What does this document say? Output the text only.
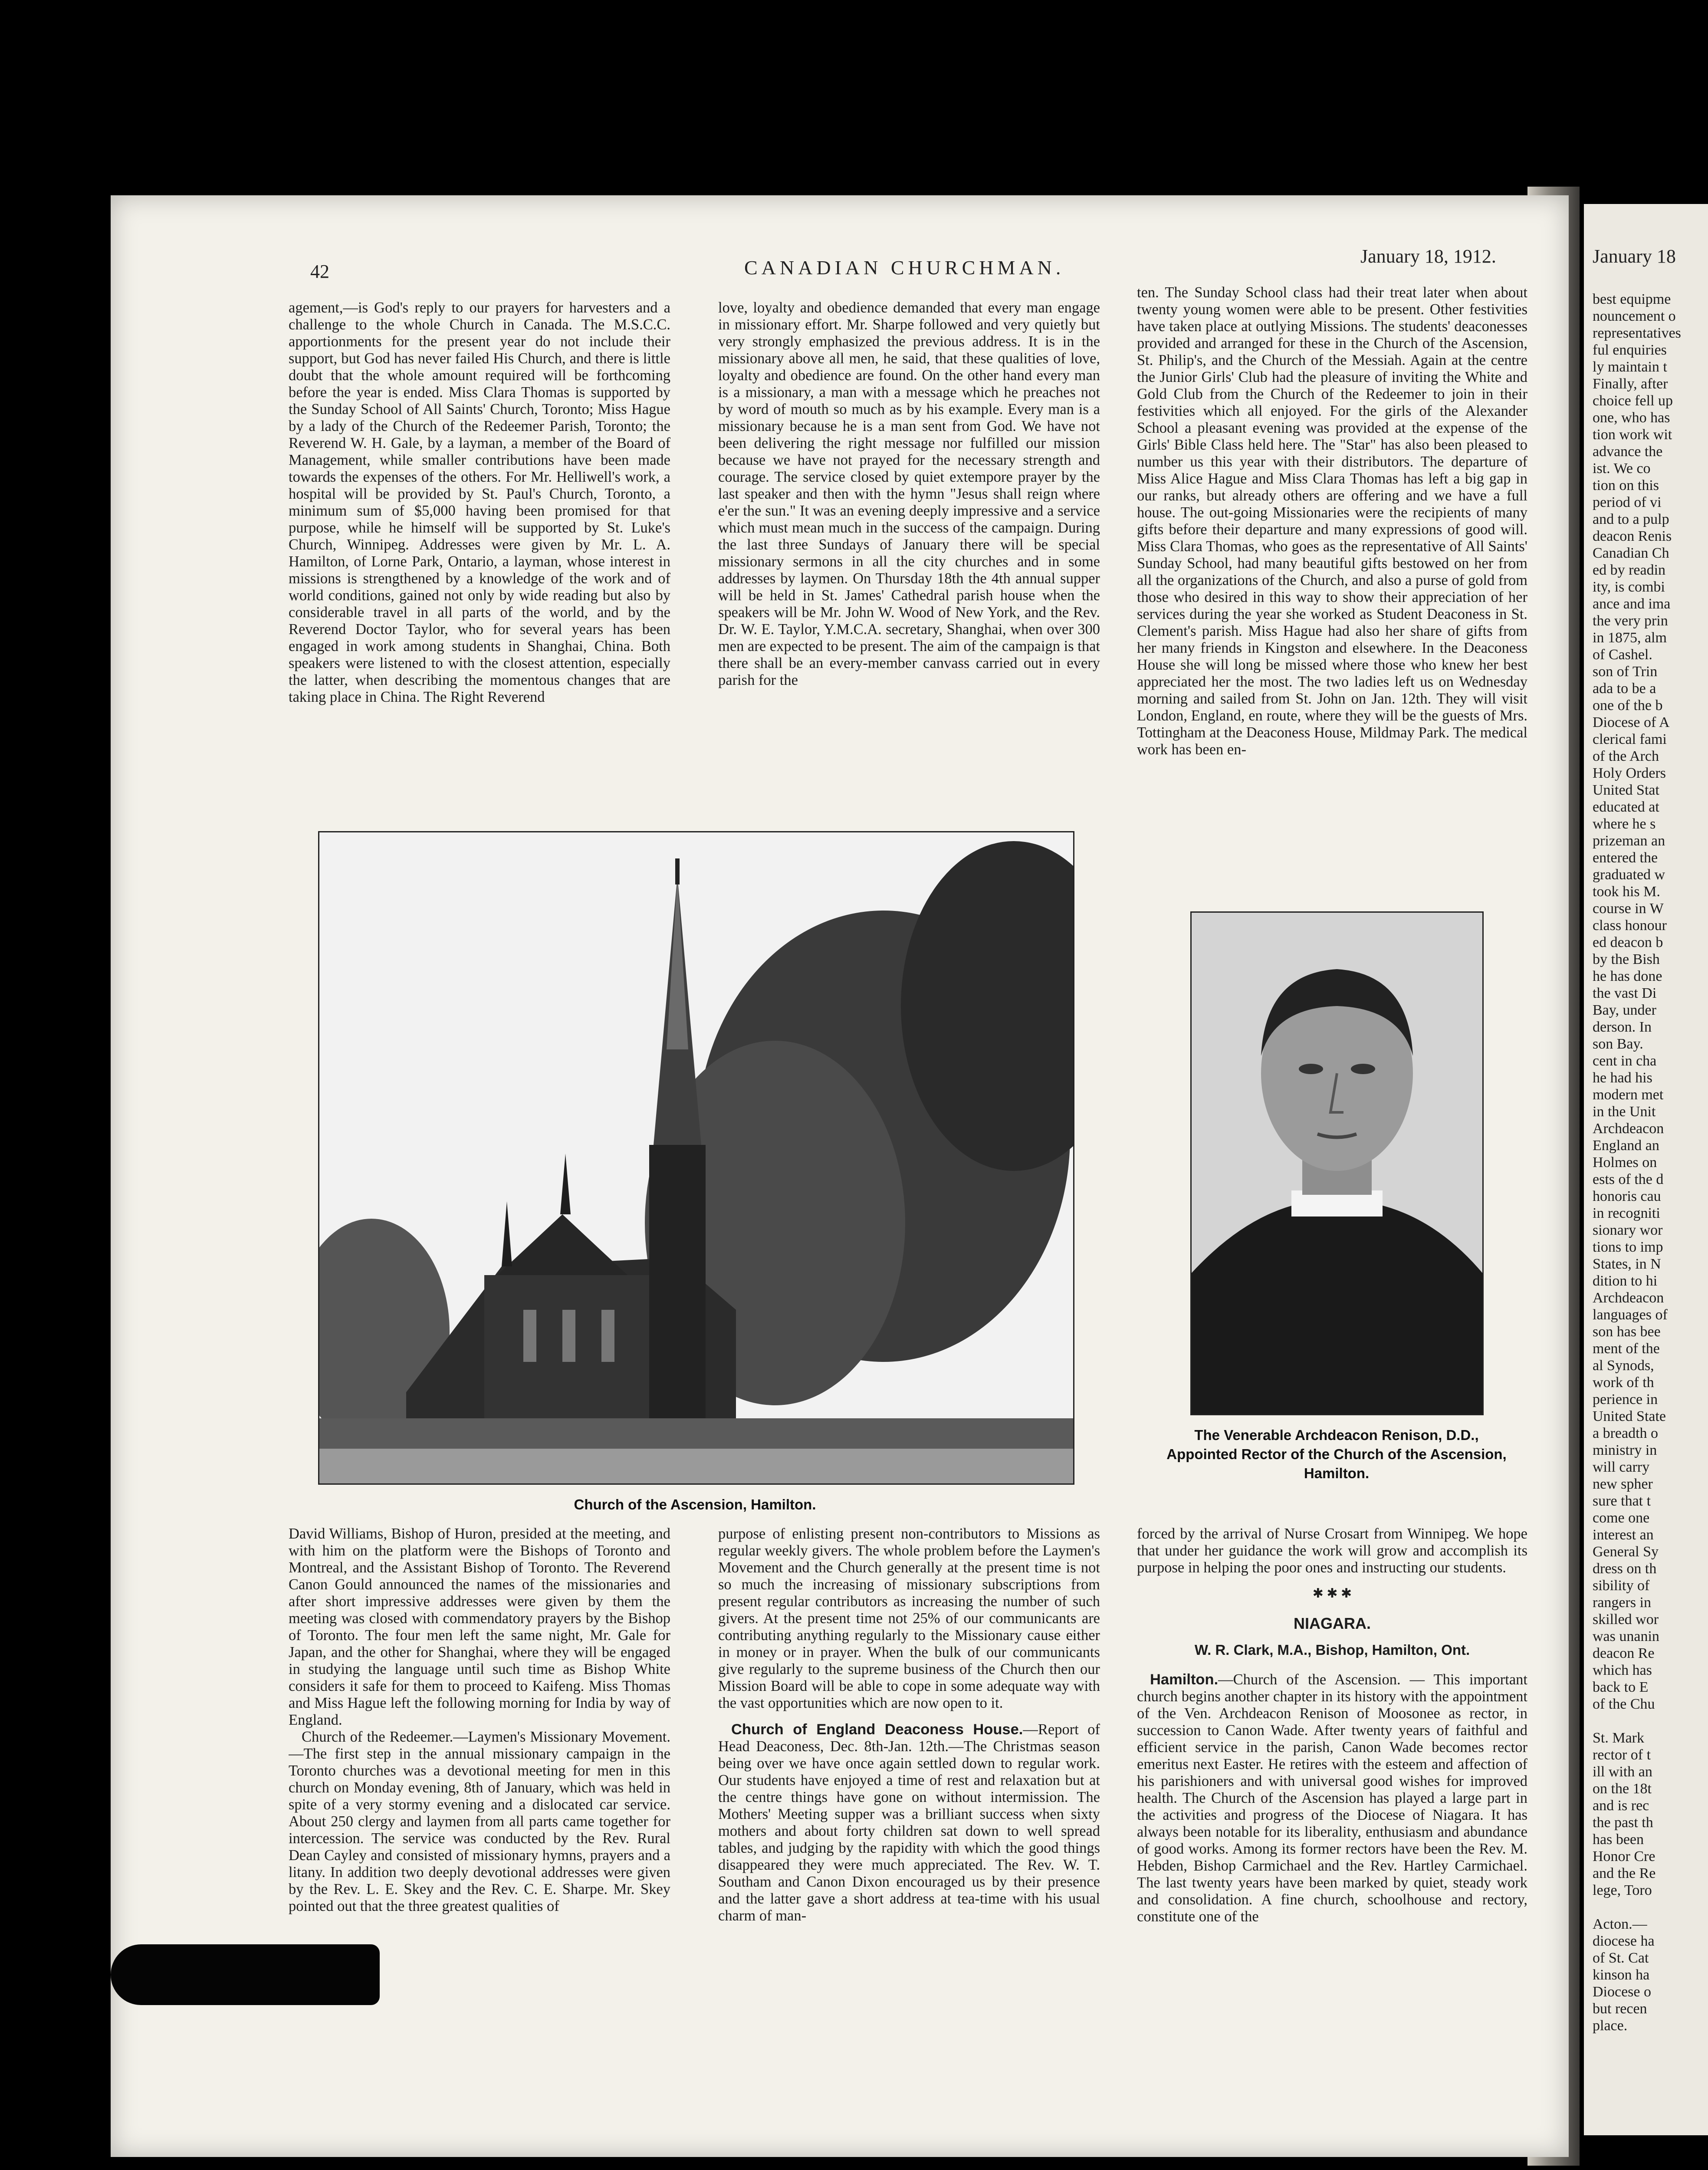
42	CANADIAN CHURCHMAN.
January 18, 1912.

agement,—is God's reply to our prayers for harvesters and a challenge to the whole Church in Canada. The M.S.C.C. apportionments for the present year do not include their support, but God has never failed His Church, and there is little doubt that the whole amount required will be forthcoming before the year is ended. Miss Clara Thomas is supported by the Sunday School of All Saints' Church, Toronto; Miss Hague by a lady of the Church of the Redeemer Parish, Toronto; the Reverend W. H. Gale, by a layman, a member of the Board of Management, while smaller contributions have been made towards the expenses of the others. For Mr. Helliwell's work, a hospital will be provided by St. Paul's Church, Toronto, a minimum sum of $5,000 having been promised for that purpose, while he himself will be supported by St. Luke's Church, Winnipeg. Addresses were given by Mr. L. A. Hamilton, of Lorne Park, Ontario, a layman, whose interest in missions is strengthened by a knowledge of the work and of world conditions, gained not only by wide reading but also by considerable travel in all parts of the world, and by the Reverend Doctor Taylor, who for several years has been engaged in work among students in Shanghai, China. Both speakers were listened to with the closest attention, especially the latter, when describing the momentous changes that are taking place in China. The Right Reverend

love, loyalty and obedience demanded that every man engage in missionary effort. Mr. Sharpe followed and very quietly but very strongly emphasized the previous address. It is in the missionary above all men, he said, that these qualities of love, loyalty and obedience are found. On the other hand every man is a missionary, a man with a message which he preaches not by word of mouth so much as by his example. Every man is a missionary because he is a man sent from God. We have not been delivering the right message nor fulfilled our mission because we have not prayed for the necessary strength and courage. The service closed by quiet extempore prayer by the last speaker and then with the hymn "Jesus shall reign where e'er the sun." It was an evening deeply impressive and a service which must mean much in the success of the campaign. During the last three Sundays of January there will be special missionary sermons in all the city churches and in some addresses by laymen. On Thursday 18th the 4th annual supper will be held in St. James' Cathedral parish house when the speakers will be Mr. John W. Wood of New York, and the Rev. Dr. W. E. Taylor, Y.M.C.A. secretary, Shanghai, when over 300 men are expected to be present. The aim of the campaign is that there shall be an every-member canvass carried out in every parish for the

ten. The Sunday School class had their treat later when about twenty young women were able to be present. Other festivities have taken place at outlying Missions. The students' deaconesses provided and arranged for these in the Church of the Ascension, St. Philip's, and the Church of the Messiah. Again at the centre the Junior Girls' Club had the pleasure of inviting the White and Gold Club from the Church of the Redeemer to join in their festivities which all enjoyed. For the girls of the Alexander School a pleasant evening was provided at the expense of the Girls' Bible Class held here. The "Star" has also been pleased to number us this year with their distributors. The departure of Miss Alice Hague and Miss Clara Thomas has left a big gap in our ranks, but already others are offering and we have a full house. The out-going Missionaries were the recipients of many gifts before their departure and many expressions of good will. Miss Clara Thomas, who goes as the representative of All Saints' Sunday School, had many beautiful gifts bestowed on her from all the organizations of the Church, and also a purse of gold from those who desired in this way to show their appreciation of her services during the year she worked as Student Deaconess in St. Clement's parish. Miss Hague had also her share of gifts from her many friends in Kingston and elsewhere. In the Deaconess House she will long be missed where those who knew her best appreciated her the most. The two ladies left us on Wednesday morning and sailed from St. John on Jan. 12th. They will visit London, England, en route, where they will be the guests of Mrs. Tottingham at the Deaconess House, Mildmay Park. The medical work has been en-

Church of the Ascension, Hamilton.
The Venerable Archdeacon Renison, D.D., Appointed Rector of the Church of the Ascension, Hamilton.

David Williams, Bishop of Huron, presided at the meeting, and with him on the platform were the Bishops of Toronto and Montreal, and the Assistant Bishop of Toronto. The Reverend Canon Gould announced the names of the missionaries and after short impressive addresses were given by them the meeting was closed with commendatory prayers by the Bishop of Toronto. The four men left the same night, Mr. Gale for Japan, and the other for Shanghai, where they will be engaged in studying the language until such time as Bishop White considers it safe for them to proceed to Kaifeng. Miss Thomas and Miss Hague left the following morning for India by way of England.

Church of the Redeemer.—Laymen's Missionary Movement.—The first step in the annual missionary campaign in the Toronto churches was a devotional meeting for men in this church on Monday evening, 8th of January, which was held in spite of a very stormy evening and a dislocated car service. About 250 clergy and laymen from all parts came together for intercession. The service was conducted by the Rev. Rural Dean Cayley and consisted of missionary hymns, prayers and a litany. In addition two deeply devotional addresses were given by the Rev. L. E. Skey and the Rev. C. E. Sharpe. Mr. Skey pointed out that the three greatest qualities of

purpose of enlisting present non-contributors to Missions as regular weekly givers. The whole problem before the Laymen's Movement and the Church generally at the present time is not so much the increasing of missionary subscriptions from present regular contributors as increasing the number of such givers. At the present time not 25% of our communicants are contributing anything regularly to the Missionary cause either in money or in prayer. When the bulk of our communicants give regularly to the supreme business of the Church then our Mission Board will be able to cope in some adequate way with the vast opportunities which are now open to it.

Church of England Deaconess House.—Report of Head Deaconess, Dec. 8th-Jan. 12th.—The Christmas season being over we have once again settled down to regular work. Our students have enjoyed a time of rest and relaxation but at the centre things have gone on without intermission. The Mothers' Meeting supper was a brilliant success when sixty mothers and about forty children sat down to well spread tables, and judging by the rapidity with which the good things disappeared they were much appreciated. The Rev. W. T. Southam and Canon Dixon encouraged us by their presence and the latter gave a short address at tea-time with his usual charm of man-

forced by the arrival of Nurse Crosart from Winnipeg. We hope that under her guidance the work will grow and accomplish its purpose in helping the poor ones and instructing our students.

✱ ✱ ✱
NIAGARA.
W. R. Clark, M.A., Bishop, Hamilton, Ont.

Hamilton.—Church of the Ascension. — This important church begins another chapter in its history with the appointment of the Ven. Archdeacon Renison of Moosonee as rector, in succession to Canon Wade. After twenty years of faithful and efficient service in the parish, Canon Wade becomes rector emeritus next Easter. He retires with the esteem and affection of his parishioners and with universal good wishes for improved health. The Church of the Ascension has played a large part in the activities and progress of the Diocese of Niagara. It has always been notable for its liberality, enthusiasm and abundance of good works. Among its former rectors have been the Rev. M. Hebden, Bishop Carmichael and the Rev. Hartley Carmichael. The last twenty years have been marked by quiet, steady work and consolidation. A fine church, schoolhouse and rectory, constitute one of the

January 18
best equipme
nouncement o
representatives
ful enquiries
ly maintain t
Finally, after
choice fell up
one, who has
tion work wit
advance the
ist. We co
tion on this
period of vi
and to a pulp
deacon Renis
Canadian Ch
ed by readin
ity, is combi
ance and ima
the very prin
in 1875, alm
of Cashel.
son of Trin
ada to be a
one of the b
Diocese of A
clerical fami
of the Arch
Holy Orders
United Stat
educated at
where he s
prizeman an
entered the
graduated w
took his M.
course in W
class honour
ed deacon b
by the Bish
he has done
the vast Di
Bay, under
derson. In
son Bay.
cent in cha
he had his
modern met
in the Unit
Archdeacon
England an
Holmes on
ests of the d
honoris cau
in recogniti
sionary wor
tions to imp
States, in N
dition to hi
Archdeacon
languages of
son has bee
ment of the
al Synods,
work of th
perience in
United State
a breadth o
ministry in
will carry
new spher
sure that t
come one
interest an
General Sy
dress on th
sibility of
rangers in
skilled wor
was unanin
deacon Re
which has
back to E
of the Chu

St. Mark
rector of t
ill with an
on the 18t
and is rec
the past th
has been
Honor Cre
and the Re
lege, Toro

Acton.—
diocese ha
of St. Cat
kinson ha
Diocese o
but recen
place.
